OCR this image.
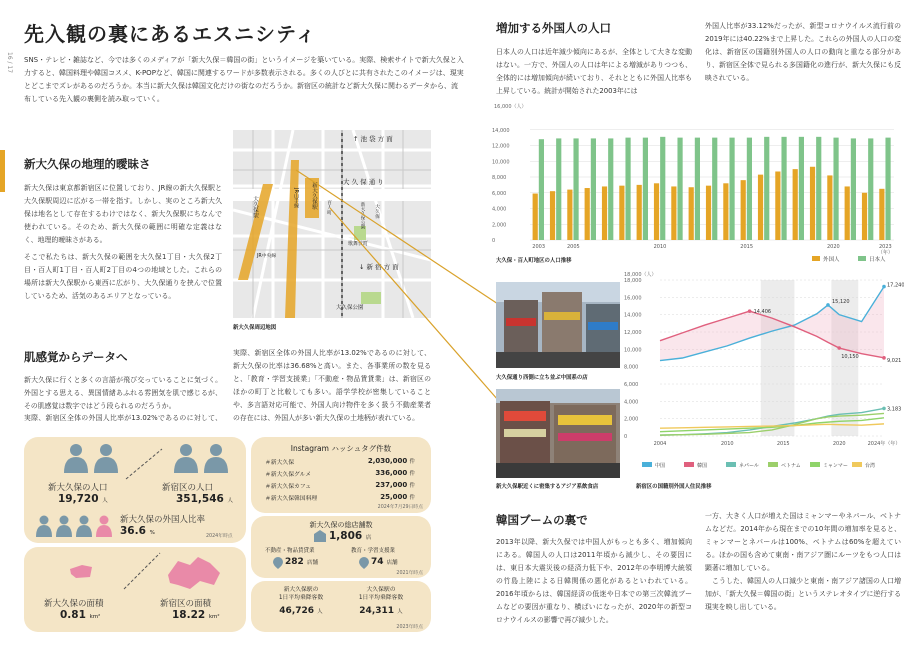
16 / 17
先入観の裏にあるエスニシティ
SNS・テレビ・雑誌など、今では多くのメディアが「新大久保＝韓国の街」というイメージを築いている。実際、検索サイトで新大久保と入力すると、韓国料理や韓国コスメ、K-POPなど、韓国に関連するワードが多数表示される。多くの人びとに共有されたこのイメージは、現実とどこまでズレがあるのだろうか。本当に新大久保は韓国文化だけの街なのだろうか。新宿区の統計など新大久保に関わるデータから、流布している先入観の裏側を読み取っていく。
新大久保の地理的曖昧さ
新大久保は東京都新宿区に位置しており、JR線の新大久保駅と大久保駅周辺に広がる一帯を指す。しかし、実のところ新大久保は地名として存在するわけではなく、新大久保駅にちなんで使われている。そのため、新大久保の範囲に明確な定義はなく、地理的曖昧さがある。
そこで私たちは、新大久保の範囲を大久保1丁目・大久保2丁目・百人町1丁目・百人町2丁目の4つの地域とした。これらの場所は新大久保駅から東西に広がり、大久保通りを挟んで位置しているため、活気のあるエリアとなっている。
↑ 池 袋 方 面
大 久 保 通 り
新大久保駅
JR山手線
大久保駅
↓ 新 宿 方 面
大久保公園
新大久保公園
歌舞伎町
百人町	大久保
JR中央線
新大久保周辺地図
肌感覚からデータへ
新大久保に行くと多くの言語が飛び交っていることに気づく。外国とする思える、異国情緒あふれる雰囲気を肌で感じるが、その肌感覚は数字ではどう段られるのだろうか。
実際、新宿区全体の外国人比率が13.02%であるのに対して、
実際、新宿区全体の外国人比率が13.02%であるのに対して、新大久保の比率は36.68%と高い。また、各事業所の数を見ると、「教育・学習支援業」「不動産・物品賃貸業」は、新宿区のほかの町丁と比較しても多い。語学学校が密集していることや、多言語対応可能で、外国人向け物件を多く扱う不動産業者の存在には、外国人が多い新大久保の土地柄が表れている。
新大久保の人口
19,720 人
新宿区の人口
351,546 人
新大久保の外国人比率
36.6 %
2024年時点
新大久保の面積
0.81 km²
新宿区の面積
18.22 km²
Instagram ハッシュタグ件数
＃新大久保	2,030,000 件
＃新大久保グルメ	336,000 件
＃新大久保カフェ	237,000 件
＃新大久保韓国料理	25,000 件
2024年7月29日時点
新大久保の総店舗数
1,806 店
不動産・物品賃貸業	教育・学習支援業
282 店舗	74 店舗
2021年時点
新大久保駅の
1日平均乗降客数
46,726 人
大久保駅の
1日平均乗降客数
24,311 人
2023年時点
増加する外国人の人口
日本人の人口は近年減少傾向にあるが、全体として大きな変動はない。一方で、外国人の人口は年による増減がありつつも、全体的には増加傾向が続いており、それとともに外国人比率も上昇している。統計が開始された2003年には
外国人比率が33.12%だったが、新型コロナウイルス流行前の2019年には40.22%まで上昇した。これらの外国人の人口の変化は、新宿区の国籍別外国人の人口の動向と重なる部分があり、新宿区全体で見られる多国籍化の進行が、新大久保にも反映されている。
16,000（人）
0
2,000
4,000
6,000
8,000
10,000
12,000
14,000
2003	2005	2010	2015	2020	2023
（年）
外国人	日本人
大久保・百人町地区の人口推移
大久保通り西側に立ち並ぶ中国系の店
新大久保駅近くに密集するアジア系飲食店
0
2,000
4,000
6,000
8,000
10,000
12,000
14,000
16,000
18,000
2004	2010	2015	2020	2024年（年）
14,406
15,120
10,150
17,240
9,021
3,183
18,000（人）
中国	韓国	ネパール	ベトナム	ミャンマー	台湾
新宿区の国籍別外国人住民推移
韓国ブームの裏で
2013年以降、新大久保では中国人がもっとも多く、増加傾向にある。韓国人の人口は2011年頃から減少し、その要因には、東日本大震災後の経済力低下や、2012年の李明博大統領の竹島上陸による日韓関係の悪化があるといわれている。2016年頃からは、韓国経済の低迷や日本での第三次韓流ブームなどの要因が重なり、横ばいになったが、2020年の新型コロナウイルスの影響で再び減少した。
一方、大きく人口が増えた国はミャンマーやネパール、ベトナムなどだ。2014年から現在までの10年間の増加率を見ると、ミャンマーとネパールは100%、ベトナムは60%を超えている。ほかの国も含めて東南・南アジア圏にルーツをもつ人口は顕著に増加している。
こうした、韓国人の人口減少と東南・南アジア諸国の人口増加が、「新大久保＝韓国の街」というステレオタイプに逆行する現実を映し出している。
